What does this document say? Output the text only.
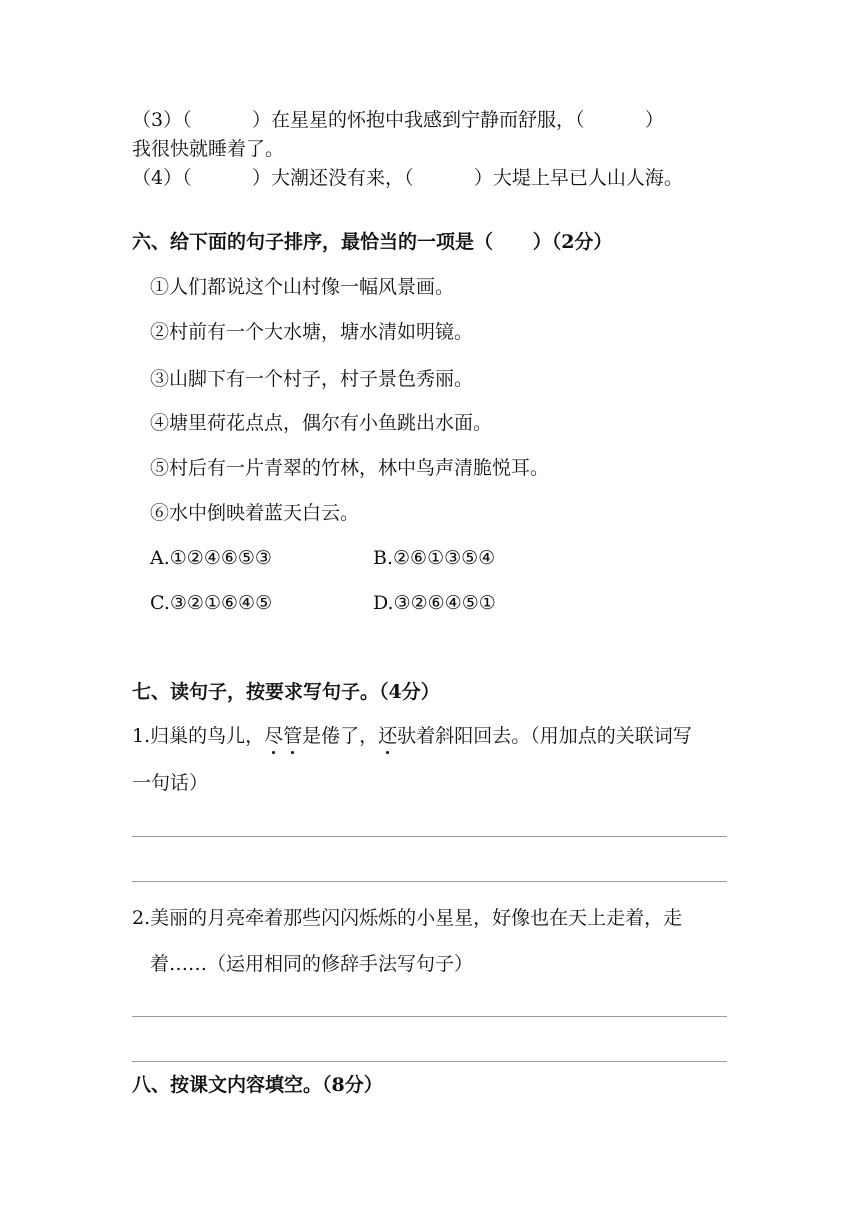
（3）（          ）在星星的怀抱中我感到宁静而舒服，（          ）
我很快就睡着了。
（4）（          ）大潮还没有来，（          ）大堤上早已人山人海。
六、给下面的句子排序，最恰当的一项是（      ）（2分）
①人们都说这个山村像一幅风景画。
②村前有一个大水塘，塘水清如明镜。
③山脚下有一个村子，村子景色秀丽。
④塘里荷花点点，偶尔有小鱼跳出水面。
⑤村后有一片青翠的竹林，林中鸟声清脆悦耳。
⑥水中倒映着蓝天白云。
A.①②④⑥⑤③	B.②⑥①③⑤④
C.③②①⑥④⑤	D.③②⑥④⑤①
七、读句子，按要求写句子。（4分）
1.归巢的鸟儿，尽管是倦了，还驮着斜阳回去。（用加点的关联词写
一句话）
2.美丽的月亮牵着那些闪闪烁烁的小星星，好像也在天上走着，走
着……（运用相同的修辞手法写句子）
八、按课文内容填空。（8分）
